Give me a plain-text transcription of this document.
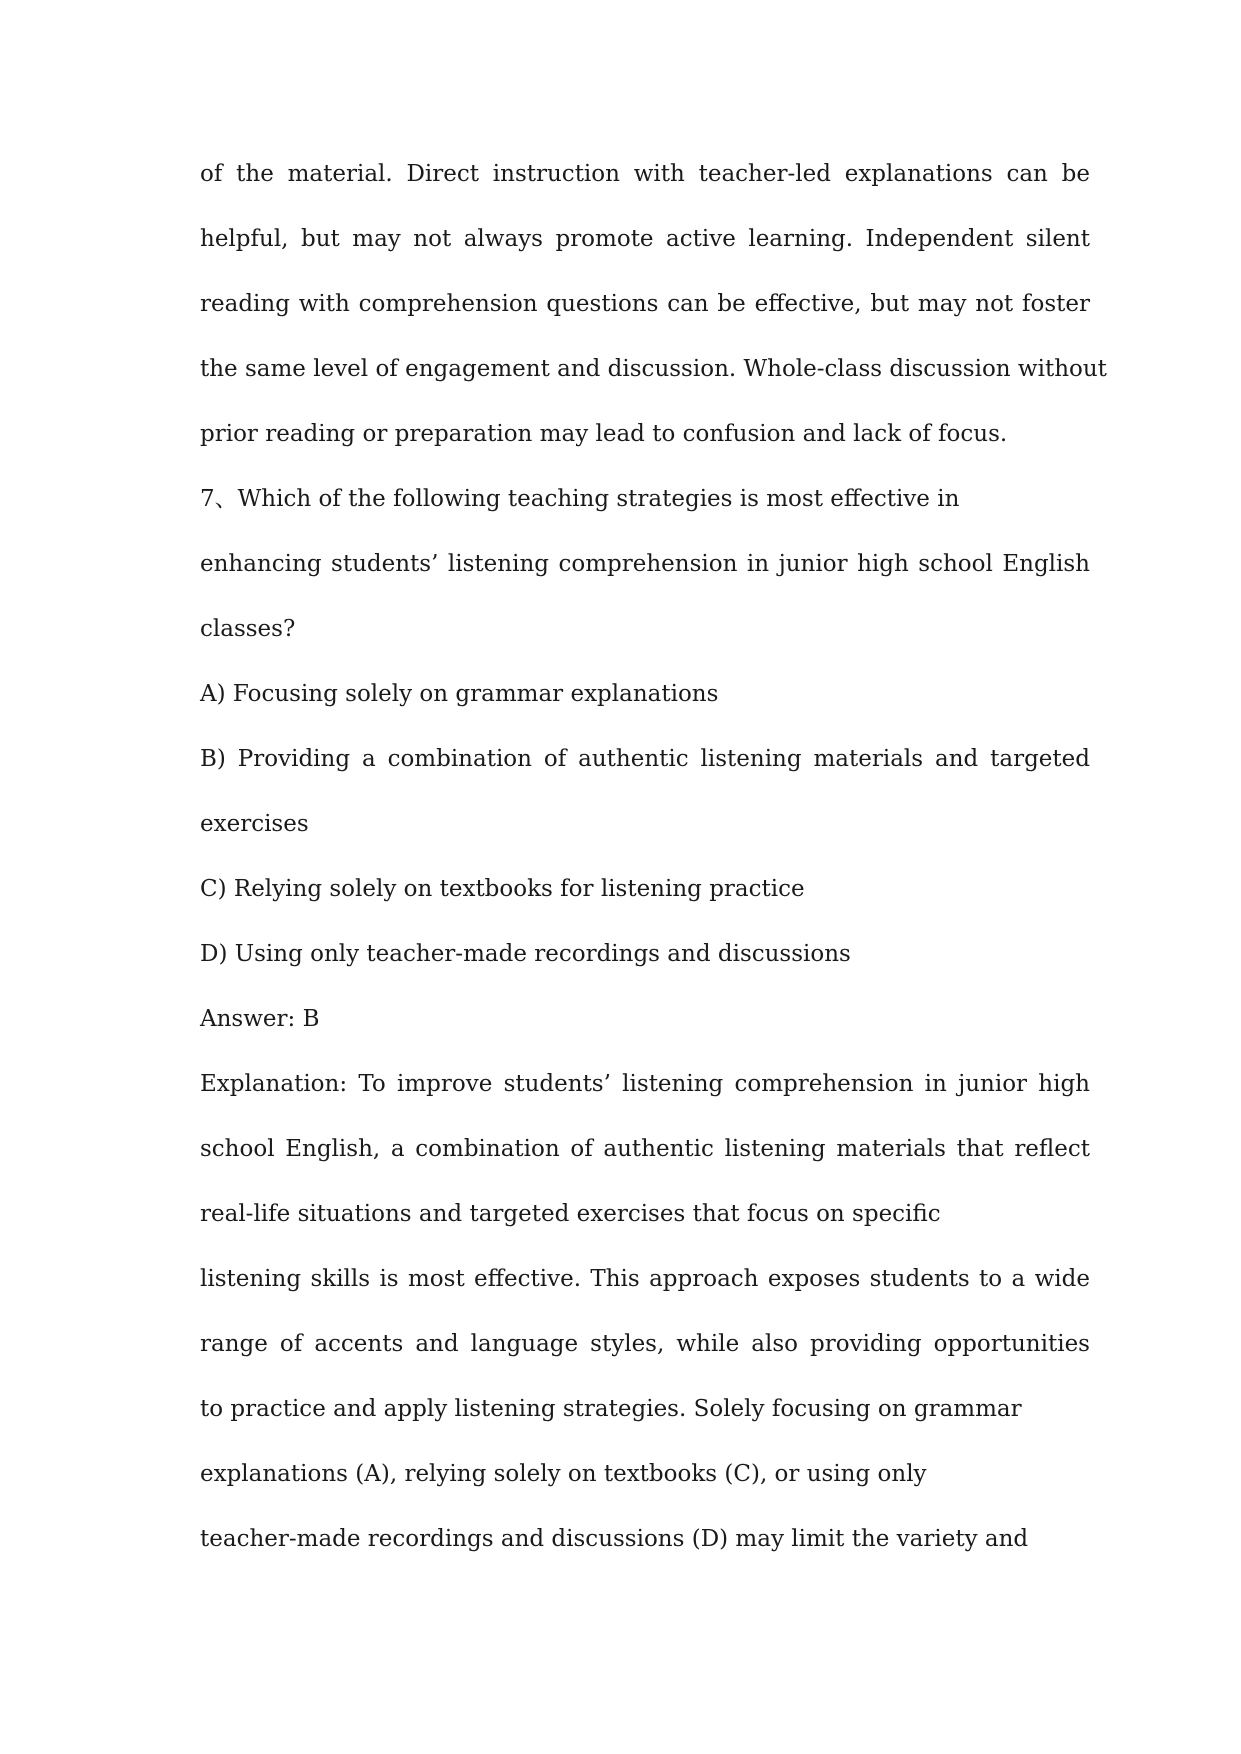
of the material. Direct instruction with teacher-led explanations can be
helpful, but may not always promote active learning. Independent silent
reading with comprehension questions can be effective, but may not foster
the same level of engagement and discussion. Whole-class discussion without
prior reading or preparation may lead to confusion and lack of focus.
7、Which of the following teaching strategies is most effective in
enhancing students’ listening comprehension in junior high school English
classes?
A) Focusing solely on grammar explanations
B) Providing a combination of authentic listening materials and targeted
exercises
C) Relying solely on textbooks for listening practice
D) Using only teacher-made recordings and discussions
Answer: B
Explanation: To improve students’ listening comprehension in junior high
school English, a combination of authentic listening materials that reflect
real-life situations and targeted exercises that focus on specific
listening skills is most effective. This approach exposes students to a wide
range of accents and language styles, while also providing opportunities
to practice and apply listening strategies. Solely focusing on grammar
explanations (A), relying solely on textbooks (C), or using only
teacher-made recordings and discussions (D) may limit the variety and
